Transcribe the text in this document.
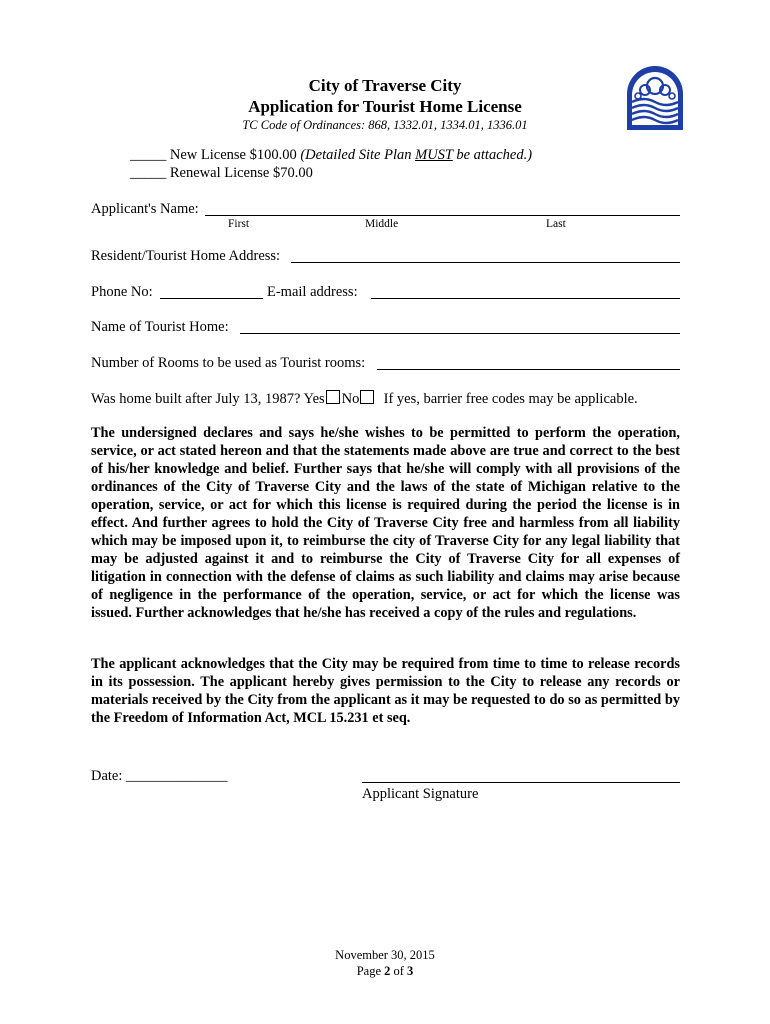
City of Traverse City
Application for Tourist Home License
TC Code of Ordinances: 868, 1332.01, 1334.01, 1336.01
_____ New License $100.00 (Detailed Site Plan MUST be attached.)
_____ Renewal License $70.00
Applicant's Name:
First	Middle	Last
Resident/Tourist Home Address:
Phone No:	E-mail address:
Name of Tourist Home:
Number of Rooms to be used as Tourist rooms:
Was home built after July 13, 1987? Yes No If yes, barrier free codes may be applicable.
The undersigned declares and says he/she wishes to be permitted to perform the operation, service, or act stated hereon and that the statements made above are true and correct to the best of his/her knowledge and belief. Further says that he/she will comply with all provisions of the ordinances of the City of Traverse City and the laws of the state of Michigan relative to the operation, service, or act for which this license is required during the period the license is in effect. And further agrees to hold the City of Traverse City free and harmless from all liability which may be imposed upon it, to reimburse the city of Traverse City for any legal liability that may be adjusted against it and to reimburse the City of Traverse City for all expenses of litigation in connection with the defense of claims as such liability and claims may arise because of negligence in the performance of the operation, service, or act for which the license was issued. Further acknowledges that he/she has received a copy of the rules and regulations.
The applicant acknowledges that the City may be required from time to time to release records in its possession. The applicant hereby gives permission to the City to release any records or materials received by the City from the applicant as it may be requested to do so as permitted by the Freedom of Information Act, MCL 15.231 et seq.
Date: ______________
Applicant Signature
November 30, 2015
Page 2 of 3
